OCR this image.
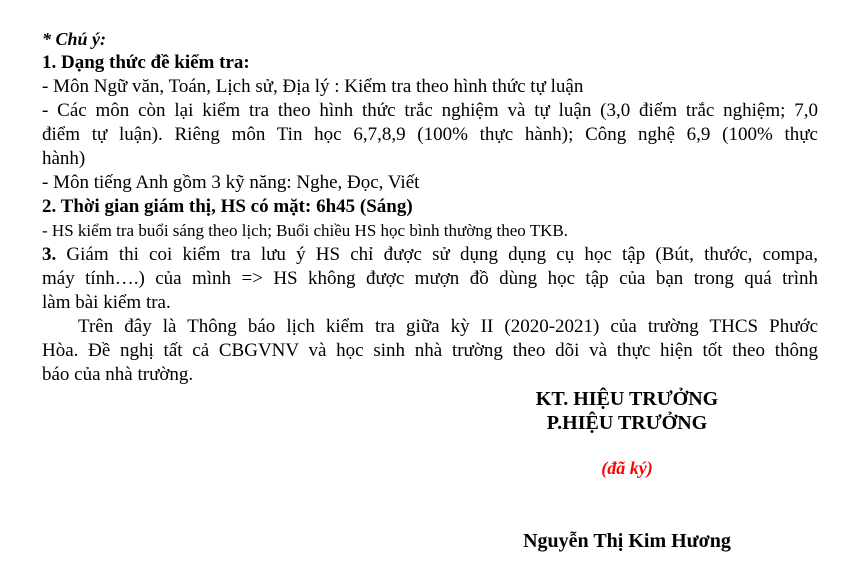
* Chú ý:
1. Dạng thức đề kiểm tra:
- Môn Ngữ văn, Toán, Lịch sử, Địa lý : Kiểm tra theo hình thức tự luận
- Các môn còn lại kiểm tra theo hình thức trắc nghiệm và tự luận (3,0 điểm trắc nghiệm; 7,0
điểm tự luận). Riêng môn Tin học 6,7,8,9 (100% thực hành); Công nghệ 6,9 (100% thực
hành)
- Môn tiếng Anh gồm 3 kỹ năng: Nghe, Đọc, Viết
2. Thời gian giám thị, HS có mặt: 6h45 (Sáng)
- HS kiểm tra buổi sáng theo lịch; Buổi chiều HS học bình thường theo TKB.
3. Giám thi coi kiểm tra lưu ý HS chỉ được sử dụng dụng cụ học tập (Bút, thước, compa,
máy tính….) của mình => HS không được mượn đồ dùng học tập của bạn trong quá trình
làm bài kiểm tra.
Trên đây là Thông báo lịch kiểm tra giữa kỳ II (2020-2021) của trường THCS Phước
Hòa. Đề nghị tất cả CBGVNV và học sinh nhà trường theo dõi và thực hiện tốt theo thông
báo của nhà trường.
KT. HIỆU TRƯỞNG
P.HIỆU TRƯỞNG
(đã ký)
Nguyễn Thị Kim Hương
